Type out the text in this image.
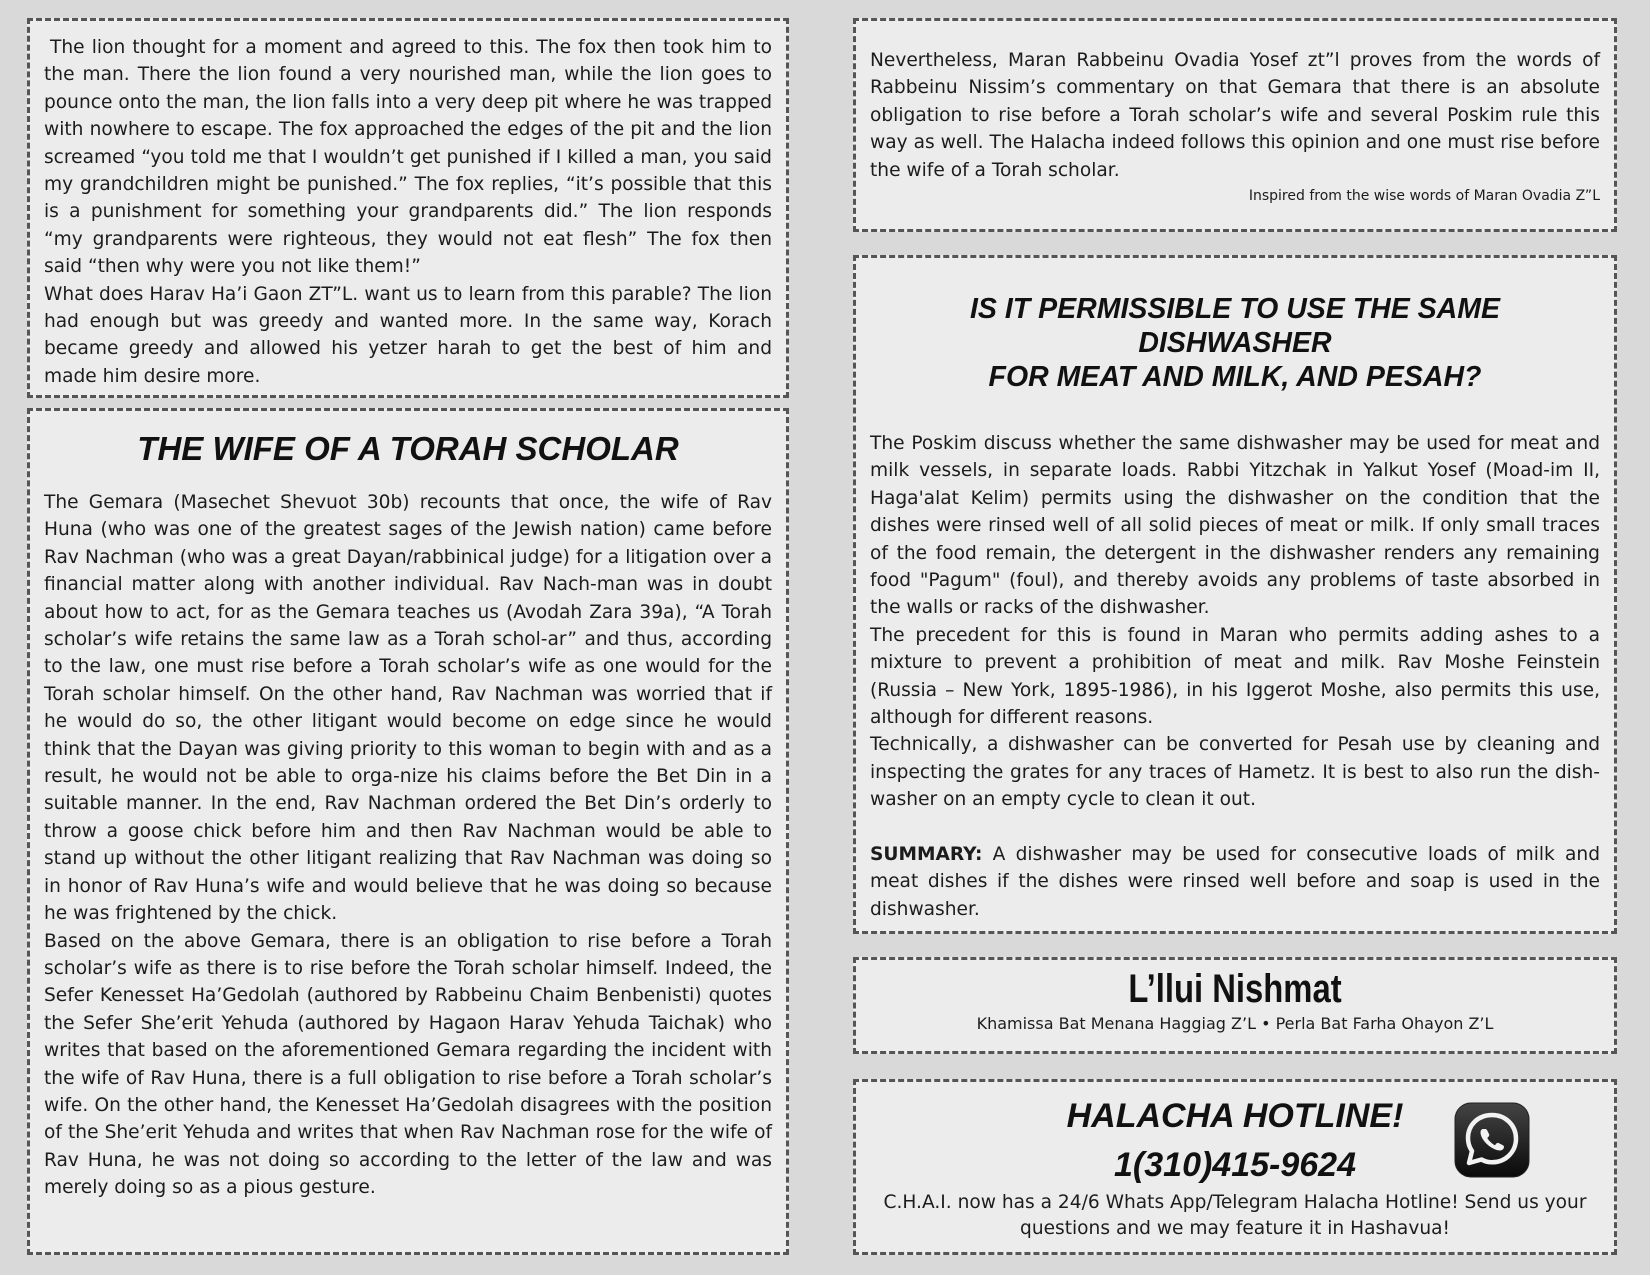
The lion thought for a moment and agreed to this. The fox then took him to the man. There the lion found a very nourished man, while the lion goes to pounce onto the man, the lion falls into a very deep pit where he was trapped with nowhere to escape. The fox approached the edges of the pit and the lion screamed “you told me that I wouldn’t get punished if I killed a man, you said my grandchildren might be punished.” The fox replies, “it’s possible that this is a punishment for something your grandparents did.” The lion responds “my grandparents were righteous, they would not eat flesh” The fox then said “then why were you not like them!”

What does Harav Ha’i Gaon ZT”L. want us to learn from this parable? The lion had enough but was greedy and wanted more. In the same way, Korach became greedy and allowed his yetzer harah to get the best of him and made him desire more.

THE WIFE OF A TORAH SCHOLAR

The Gemara (Masechet Shevuot 30b) recounts that once, the wife of Rav Huna (who was one of the greatest sages of the Jewish nation) came before Rav Nachman (who was a great Dayan/rabbinical judge) for a litigation over a financial matter along with another individual. Rav Nach-man was in doubt about how to act, for as the Gemara teaches us (Avodah Zara 39a), “A Torah scholar’s wife retains the same law as a Torah schol-ar” and thus, according to the law, one must rise before a Torah scholar’s wife as one would for the Torah scholar himself. On the other hand, Rav Nachman was worried that if he would do so, the other litigant would become on edge since he would think that the Dayan was giving priority to this woman to begin with and as a result, he would not be able to orga-nize his claims before the Bet Din in a suitable manner. In the end, Rav Nachman ordered the Bet Din’s orderly to throw a goose chick before him and then Rav Nachman would be able to stand up without the other litigant realizing that Rav Nachman was doing so in honor of Rav Huna’s wife and would believe that he was doing so because he was frightened by the chick.

Based on the above Gemara, there is an obligation to rise before a Torah scholar’s wife as there is to rise before the Torah scholar himself. Indeed, the Sefer Kenesset Ha’Gedolah (authored by Rabbeinu Chaim Benbenisti) quotes the Sefer She’erit Yehuda (authored by Hagaon Harav Yehuda Taichak) who writes that based on the aforementioned Gemara regarding the incident with the wife of Rav Huna, there is a full obligation to rise before a Torah scholar’s wife. On the other hand, the Kenesset Ha’Gedolah disagrees with the position of the She’erit Yehuda and writes that when Rav Nachman rose for the wife of Rav Huna, he was not doing so according to the letter of the law and was merely doing so as a pious gesture.

Nevertheless, Maran Rabbeinu Ovadia Yosef zt”l proves from the words of Rabbeinu Nissim’s commentary on that Gemara that there is an absolute obligation to rise before a Torah scholar’s wife and several Poskim rule this way as well. The Halacha indeed follows this opinion and one must rise before the wife of a Torah scholar.

Inspired from the wise words of Maran Ovadia Z”L
IS IT PERMISSIBLE TO USE THE SAME DISHWASHER
FOR MEAT AND MILK, AND PESAH?

The Poskim discuss whether the same dishwasher may be used for meat and milk vessels, in separate loads. Rabbi Yitzchak in Yalkut Yosef (Moad-im II, Haga'alat Kelim) permits using the dishwasher on the condition that the dishes were rinsed well of all solid pieces of meat or milk. If only small traces of the food remain, the detergent in the dishwasher renders any remaining food "Pagum" (foul), and thereby avoids any problems of taste absorbed in the walls or racks of the dishwasher.

The precedent for this is found in Maran who permits adding ashes to a mixture to prevent a prohibition of meat and milk. Rav Moshe Feinstein (Russia – New York, 1895-1986), in his Iggerot Moshe, also permits this use, although for different reasons.

Technically, a dishwasher can be converted for Pesah use by cleaning and inspecting the grates for any traces of Hametz. It is best to also run the dish-washer on an empty cycle to clean it out.

SUMMARY: A dishwasher may be used for consecutive loads of milk and meat dishes if the dishes were rinsed well before and soap is used in the dishwasher.

L’llui Nishmat
Khamissa Bat Menana Haggiag Z’L • Perla Bat Farha Ohayon Z’L
HALACHA HOTLINE!
1(310)415-9624

C.H.A.I. now has a 24/6 Whats App/Telegram Halacha Hotline! Send us your questions and we may feature it in Hashavua!
